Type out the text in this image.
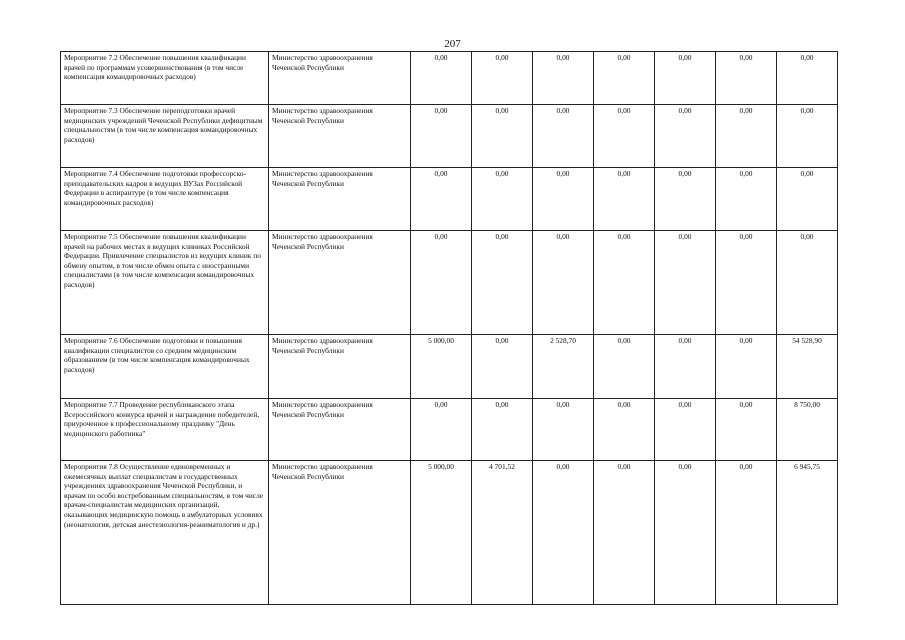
207
Мероприятие 7.2 Обеспечение повышения квалификации врачей по программам усовершенствования (в том числе компенсация командировочных расходов)	Министерство здравоохранения Чеченской Республики	0,00	0,00	0,00	0,00	0,00	0,00	0,00
Мероприятие 7.3 Обеспечение переподготовки врачей медицинских учреждений Чеченской Республики дефицитным специальностям (в том числе компенсация командировочных расходов)	Министерство здравоохранения Чеченской Республики	0,00	0,00	0,00	0,00	0,00	0,00	0,00
Мероприятие 7.4 Обеспечение подготовки профессорско-преподавательских кадров в ведущих ВУЗах Российской Федерации в аспирантуре (в том числе компенсация командировочных расходов)	Министерство здравоохранения Чеченской Республики	0,00	0,00	0,00	0,00	0,00	0,00	0,00
Мероприятие 7.5 Обеспечение повышения квалификации врачей на рабочих местах в ведущих клиниках Российской Федерации. Привлечение специалистов из ведущих клиник по обмену опытом, в том числе обмен опыта с иностранными специалистами (в том числе компенсация командировочных расходов)	Министерство здравоохранения Чеченской Республики	0,00	0,00	0,00	0,00	0,00	0,00	0,00
Мероприятие 7.6 Обеспечение подготовки и повышения квалификации специалистов со средним медицинским образованием (в том числе компенсация командировочных расходов)	Министерство здравоохранения Чеченской Республики	5 000,00	0,00	2 528,70	0,00	0,00	0,00	54 528,90
Мероприятие 7.7 Проведение республиканского этапа Всероссийского конкурса врачей и награждение победителей, приуроченное к профессиональному празднику "День медицинского работника"	Министерство здравоохранения Чеченской Республики	0,00	0,00	0,00	0,00	0,00	0,00	8 750,00
Мероприятия 7.8 Осуществление единовременных и ежемесячных выплат специалистам в государственных учреждениях здравоохранения Чеченской Республики, и врачам по особо востребованным специальностям, в том числе врачам-специалистам медицинских организаций, оказывающих медицинскую помощь в амбулаторных условиях (неонатология, детская анестезиология-реаниматология и др.)	Министерство здравоохранения Чеченской Республики	5 000,00	4 701,52	0,00	0,00	0,00	0,00	6 945,75
